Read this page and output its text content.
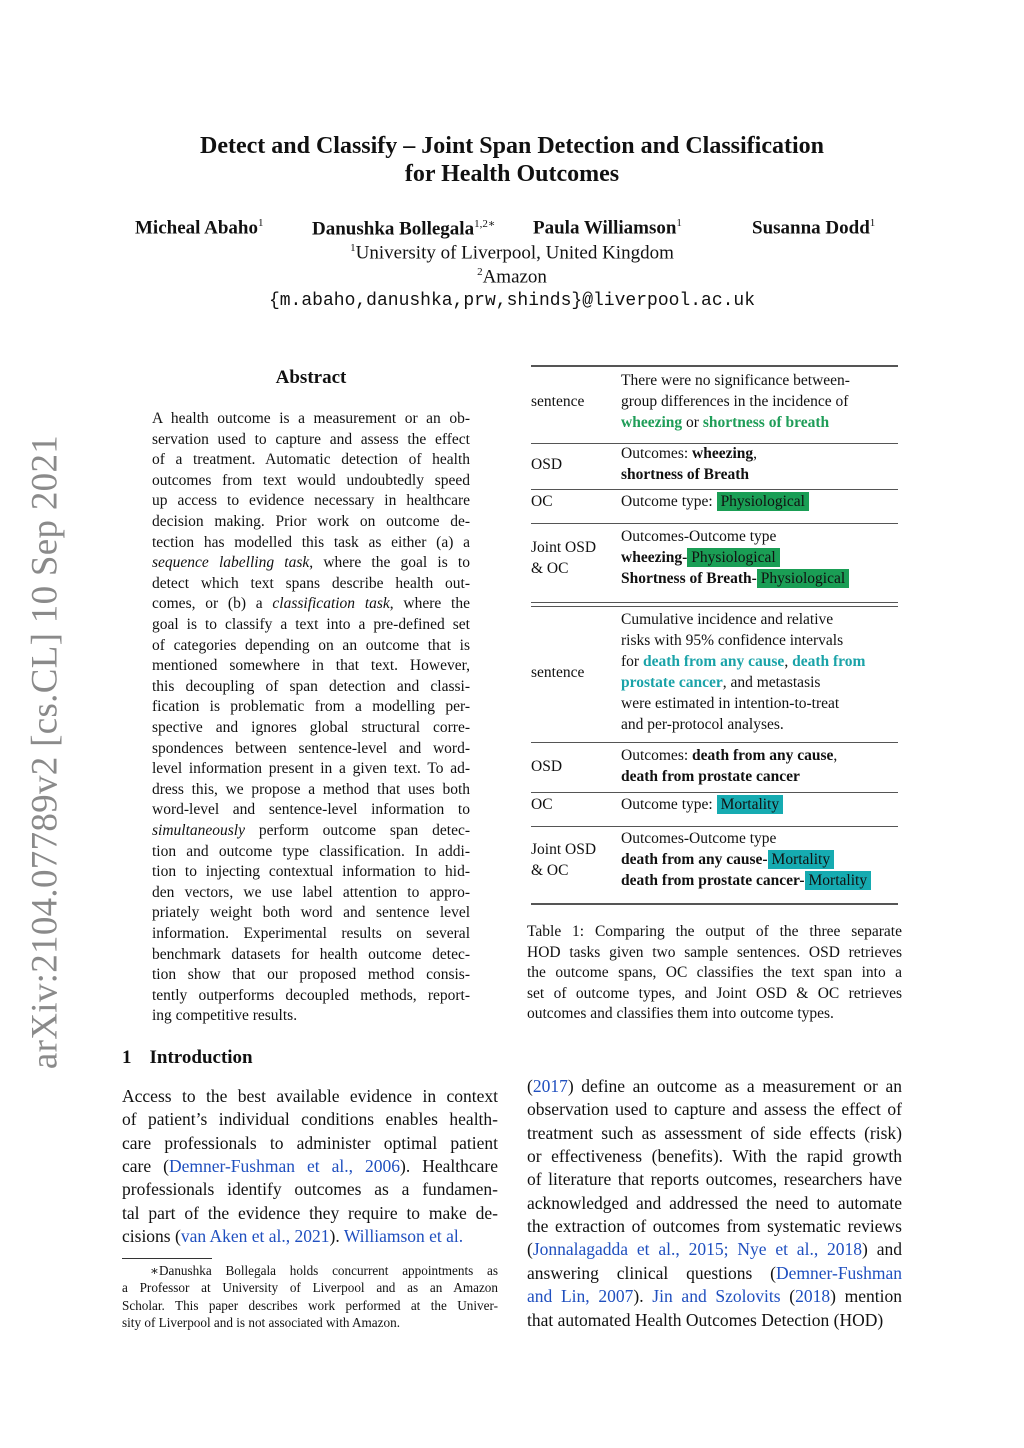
arXiv:2104.07789v2 [cs.CL] 10 Sep 2021
Detect and Classify – Joint Span Detection and Classification
for Health Outcomes
Micheal Abaho$^1$	Danushka Bollegala$^{1,2∗}$ Paula Williamson$^1$	Susanna Dodd$^1$
$^1$University of Liverpool, United Kingdom
$^2$Amazon
{m.abaho,danushka,prw,shinds}@liverpool.ac.uk
Abstract
A health outcome is a measurement or an ob-
servation used to capture and assess the effect
of a treatment. Automatic detection of health
outcomes from text would undoubtedly speed
up access to evidence necessary in healthcare
decision making. Prior work on outcome de-
tection has modelled this task as either (a) a
sequence labelling task, where the goal is to
detect which text spans describe health out-
comes, or (b) a classification task, where the
goal is to classify a text into a pre-defined set
of categories depending on an outcome that is
mentioned somewhere in that text. However,
this decoupling of span detection and classi-
fication is problematic from a modelling per-
spective and ignores global structural corre-
spondences between sentence-level and word-
level information present in a given text. To ad-
dress this, we propose a method that uses both
word-level and sentence-level information to
simultaneously perform outcome span detec-
tion and outcome type classification. In addi-
tion to injecting contextual information to hid-
den vectors, we use label attention to appro-
priately weight both word and sentence level
information. Experimental results on several
benchmark datasets for health outcome detec-
tion show that our proposed method consis-
tently outperforms decoupled methods, report-
ing competitive results.
1 Introduction
Access to the best available evidence in context
of patient’s individual conditions enables health-
care professionals to administer optimal patient
care (Demner-Fushman et al., 2006). Healthcare
professionals identify outcomes as a fundamen-
tal part of the evidence they require to make de-
cisions (van Aken et al., 2021). Williamson et al.
∗Danushka Bollegala holds concurrent appointments as
a Professor at University of Liverpool and as an Amazon
Scholar. This paper describes work performed at the Univer-
sity of Liverpool and is not associated with Amazon.
sentence
There were no significance between-
group differences in the incidence of
wheezing or shortness of breath
OSD
Outcomes: wheezing,
shortness of Breath
OC	Outcome type: Physiological
Joint OSD
& OC
Outcomes-Outcome type
wheezing- Physiological
Shortness of Breath- Physiological
sentence
Cumulative incidence and relative
risks with 95% confidence intervals
for death from any cause, death from
prostate cancer, and metastasis
were estimated in intention-to-treat
and per-protocol analyses.
OSD
Outcomes: death from any cause,
death from prostate cancer
OC	Outcome type: Mortality
Joint OSD
& OC
Outcomes-Outcome type
death from any cause- Mortality
death from prostate cancer- Mortality
Table 1: Comparing the output of the three separate
HOD tasks given two sample sentences. OSD retrieves
the outcome spans, OC classifies the text span into a
set of outcome types, and Joint OSD & OC retrieves
outcomes and classifies them into outcome types.
(2017) define an outcome as a measurement or an
observation used to capture and assess the effect of
treatment such as assessment of side effects (risk)
or effectiveness (benefits). With the rapid growth
of literature that reports outcomes, researchers have
acknowledged and addressed the need to automate
the extraction of outcomes from systematic reviews
(Jonnalagadda et al., 2015; Nye et al., 2018) and
answering clinical questions (Demner-Fushman
and Lin, 2007). Jin and Szolovits (2018) mention
that automated Health Outcomes Detection (HOD)
